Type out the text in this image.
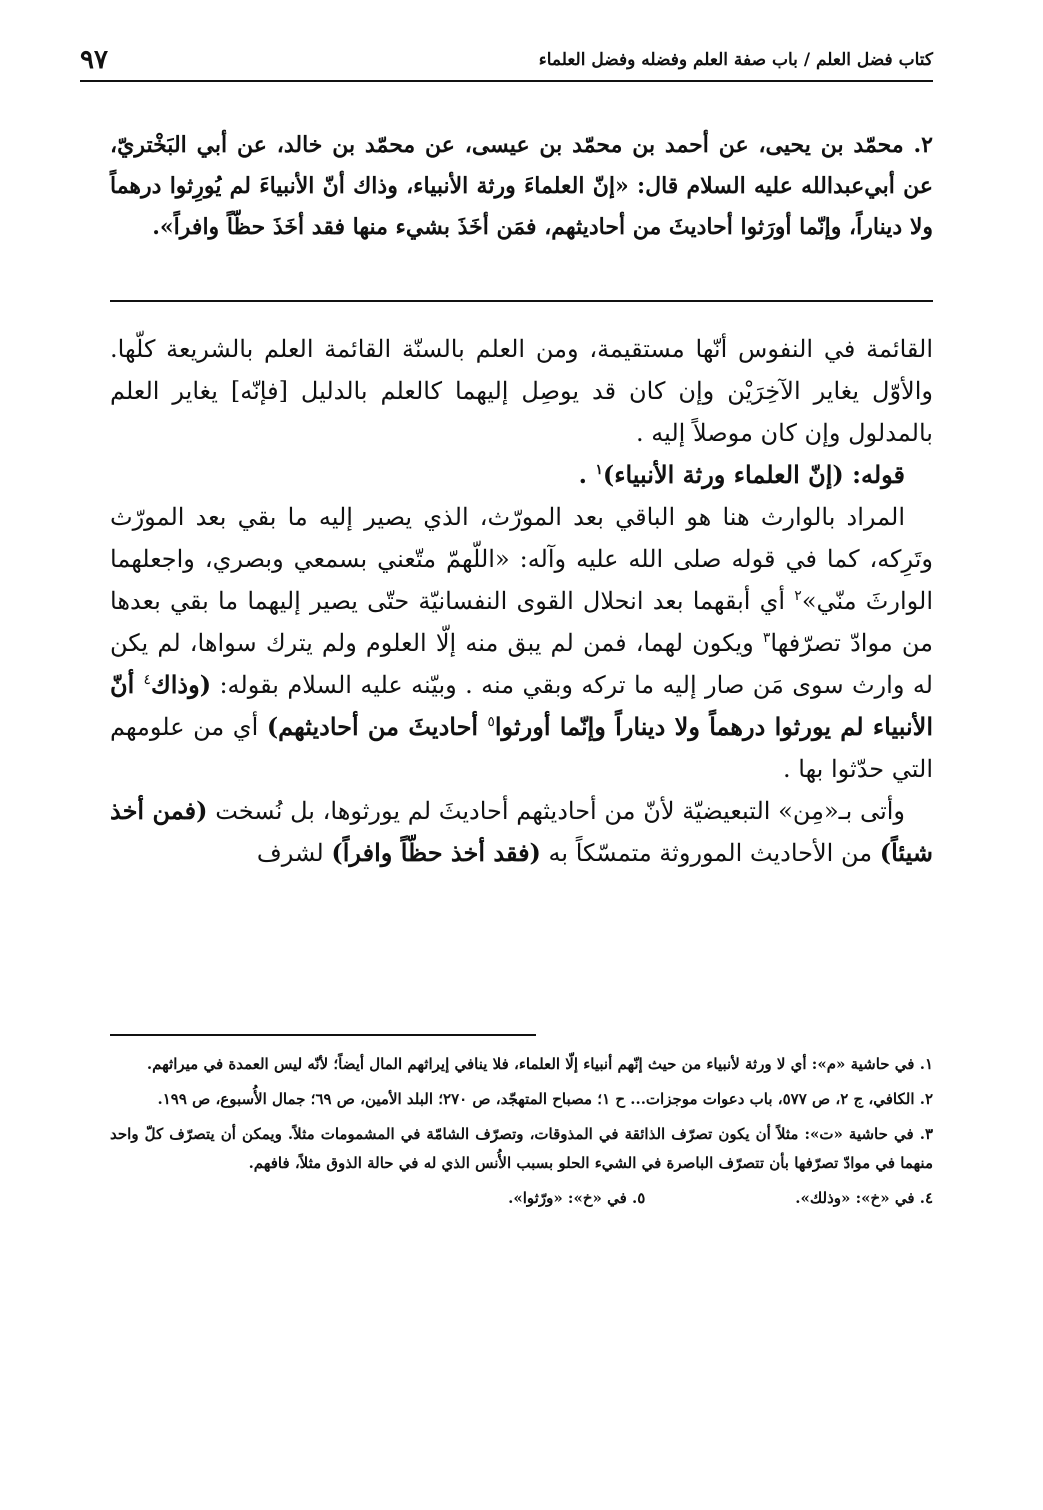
كتاب فضل العلم / باب صفة العلم وفضله وفضل العلماء
٩٧

٢. محمّد بن يحيى، عن أحمد بن محمّد بن عيسى، عن محمّد بن خالد، عن أبي البَخْتريّ، عن أبي‌عبدالله عليه السلام قال: «إنّ العلماءَ ورثة الأنبياء، وذاك أنّ الأنبياءَ لم يُورِثوا درهماً ولا ديناراً، وإنّما أورَثوا أحاديثَ من أحاديثهم، فمَن أخَذَ بشيء منها فقد أخَذَ حظّاً وافراً».

القائمة في النفوس أنّها مستقيمة، ومن العلم بالسنّة القائمة العلم بالشريعة كلّها. والأوّل يغاير الآخِرَيْن وإن كان قد يوصِل إليهما كالعلم بالدليل [فإنّه] يغاير العلم بالمدلول وإن كان موصلاً إليه .

قوله: (إنّ العلماء ورثة الأنبياء)$^١$ .

المراد بالوارث هنا هو الباقي بعد المورّث، الذي يصير إليه ما بقي بعد المورّث وتَرِكه، كما في قوله صلى الله عليه وآله: «اللّهمّ متّعني بسمعي وبصري، واجعلهما الوارثَ منّي»$^٢$ أي أبقهما بعد انحلال القوى النفسانيّة حتّى يصير إليهما ما بقي بعدها من موادّ تصرّفها$^٣$ ويكون لهما، فمن لم يبق منه إلّا العلوم ولم يترك سواها، لم يكن له وارث سوى مَن صار إليه ما تركه وبقي منه . وبيّنه عليه السلام بقوله: (وذاك$^٤$ أنّ الأنبياء لم يورثوا درهماً ولا ديناراً وإنّما أورثوا$^٥$ أحاديثَ من أحاديثهم) أي من علومهم التي حدّثوا بها .

وأتى بـ«مِن» التبعيضيّة لأنّ من أحاديثهم أحاديثَ لم يورثوها، بل نُسخت (فمن أخذ شيئاً) من الأحاديث الموروثة متمسّكاً به (فقد أخذ حظّاً وافراً) لشرف

١. في حاشية «م»: أي لا ورثة لأنبياء من حيث إنّهم أنبياء إلّا العلماء، فلا ينافي إيراثهم المال أيضاً؛ لأنّه ليس العمدة في ميراثهم.

٢. الكافي، ج ٢، ص ٥٧٧، باب دعوات موجزات... ح ١؛ مصباح المتهجّد، ص ٢٧٠؛ البلد الأمين، ص ٦٩؛ جمال الأُسبوع، ص ١٩٩.

٣. في حاشية «ت»: مثلاً أن يكون تصرّف الذائقة في المذوقات، وتصرّف الشامّة في المشمومات مثلاً. ويمكن أن يتصرّف كلّ واحد منهما في موادّ تصرّفها بأن تتصرّف الباصرة في الشيء الحلو بسبب الأُنس الذي له في حالة الذوق مثلاً، فافهم.

٤. في «خ»: «وذلك».
٥. في «خ»: «ورّثوا».
